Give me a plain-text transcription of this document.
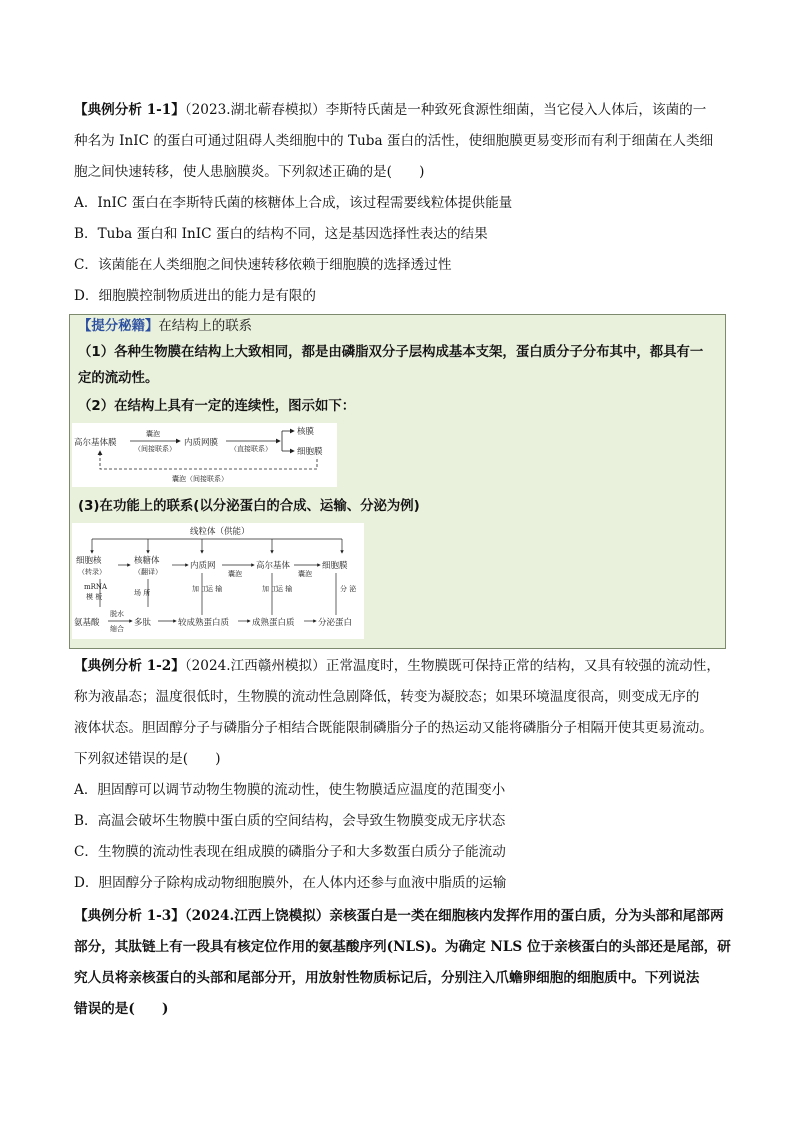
【典例分析 1-1】（2023.湖北蕲春模拟）李斯特氏菌是一种致死食源性细菌，当它侵入人体后，该菌的一
种名为 InIC 的蛋白可通过阻碍人类细胞中的 Tuba 蛋白的活性，使细胞膜更易变形而有利于细菌在人类细
胞之间快速转移，使人患脑膜炎。下列叙述正确的是(　　)
A．InIC 蛋白在李斯特氏菌的核糖体上合成，该过程需要线粒体提供能量
B．Tuba 蛋白和 InIC 蛋白的结构不同，这是基因选择性表达的结果
C．该菌能在人类细胞之间快速转移依赖于细胞膜的选择透过性
D．细胞膜控制物质进出的能力是有限的
【提分秘籍】在结构上的联系
（1）各种生物膜在结构上大致相同，都是由磷脂双分子层构成基本支架，蛋白质分子分布其中，都具有一
定的流动性。
（2）在结构上具有一定的连续性，图示如下：
高尔基体膜
囊泡
（间接联系）
内质网膜
（直接联系）
核膜
细胞膜
囊泡（间接联系）
(3)在功能上的联系(以分泌蛋白的合成、运输、分泌为例)
线粒体（供能）
细胞核
（转录）
核糖体
（翻译）
内质网
囊泡
高尔基体
囊泡
细胞膜
mRNA
模 板	场 所	加 工
运 输	加 工
运 输	分 泌
氨基酸
脱水
缩合
多肽	较成熟蛋白质	成熟蛋白质	分泌蛋白
【典例分析 1-2】（2024.江西赣州模拟）正常温度时，生物膜既可保持正常的结构，又具有较强的流动性，
称为液晶态；温度很低时，生物膜的流动性急剧降低，转变为凝胶态；如果环境温度很高，则变成无序的
液体状态。胆固醇分子与磷脂分子相结合既能限制磷脂分子的热运动又能将磷脂分子相隔开使其更易流动。
下列叙述错误的是(　　)
A．胆固醇可以调节动物生物膜的流动性，使生物膜适应温度的范围变小
B．高温会破坏生物膜中蛋白质的空间结构，会导致生物膜变成无序状态
C．生物膜的流动性表现在组成膜的磷脂分子和大多数蛋白质分子能流动
D．胆固醇分子除构成动物细胞膜外，在人体内还参与血液中脂质的运输
【典例分析 1-3】（2024.江西上饶模拟）亲核蛋白是一类在细胞核内发挥作用的蛋白质，分为头部和尾部两
部分，其肽链上有一段具有核定位作用的氨基酸序列(NLS)。为确定 NLS 位于亲核蛋白的头部还是尾部，研
究人员将亲核蛋白的头部和尾部分开，用放射性物质标记后，分别注入爪蟾卵细胞的细胞质中。下列说法
错误的是(　　)
